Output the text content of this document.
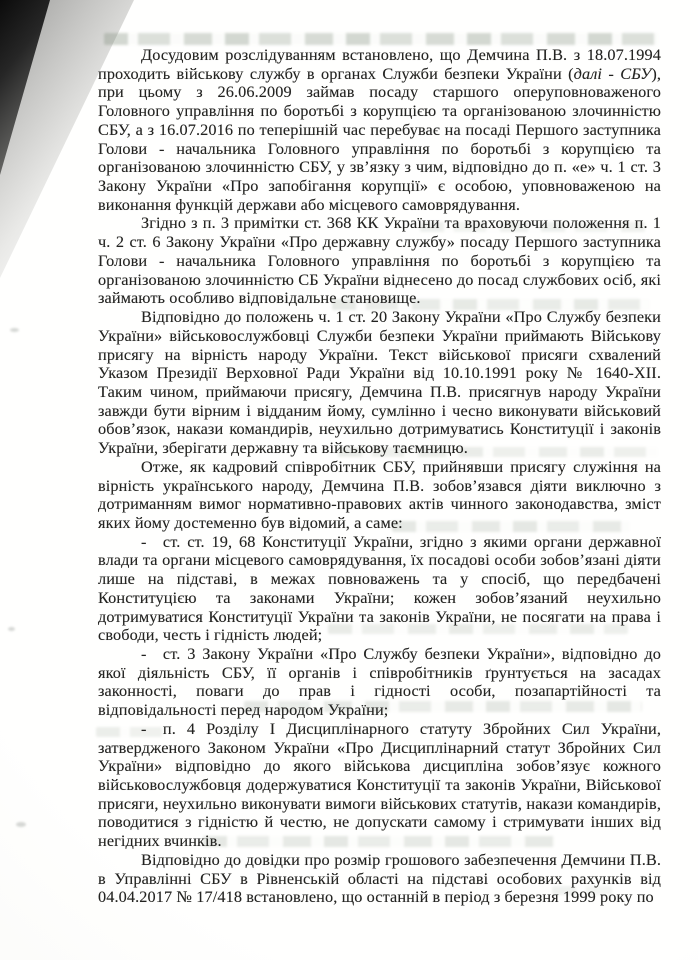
Досудовим розслідуванням встановлено, що Демчина П.В. з 18.07.1994 проходить військову службу в органах Служби безпеки України (далі - СБУ), при цьому з 26.06.2009 займав посаду старшого оперуповноваженого Головного управління по боротьбі з корупцією та організованою злочинністю СБУ, а з 16.07.2016 по теперішній час перебуває на посаді Першого заступника Голови - начальника Головного управління по боротьбі з корупцією та організованою злочинністю СБУ, у зв’язку з чим, відповідно до п. «е» ч. 1 ст. 3 Закону України «Про запобігання корупції» є особою, уповноваженою на виконання функцій держави або місцевого самоврядування.

Згідно з п. 3 примітки ст. 368 КК України та враховуючи положення п. 1 ч. 2 ст. 6 Закону України «Про державну службу» посаду Першого заступника Голови - начальника Головного управління по боротьбі з корупцією та організованою злочинністю СБ України віднесено до посад службових осіб, які займають особливо відповідальне становище.

Відповідно до положень ч. 1 ст. 20 Закону України «Про Службу безпеки України» військовослужбовці Служби безпеки України приймають Військову присягу на вірність народу України. Текст військової присяги схвалений Указом Президії Верховної Ради України від 10.10.1991 року № 1640-XII. Таким чином, приймаючи присягу, Демчина П.В. присягнув народу України завжди бути вірним і відданим йому, сумлінно і чесно виконувати військовий обов’язок, накази командирів, неухильно дотримуватись Конституції і законів України, зберігати державну та військову таємницю.

Отже, як кадровий співробітник СБУ, прийнявши присягу служіння на вірність українського народу, Демчина П.В. зобов’язався діяти виключно з дотриманням вимог нормативно-правових актів чинного законодавства, зміст яких йому достеменно був відомий, а саме:

- ст. ст. 19, 68 Конституції України, згідно з якими органи державної влади та органи місцевого самоврядування, їх посадові особи зобов’язані діяти лише на підставі, в межах повноважень та у спосіб, що передбачені Конституцією та законами України; кожен зобов’язаний неухильно дотримуватися Конституції України та законів України, не посягати на права і свободи, честь і гідність людей;

- ст. 3 Закону України «Про Службу безпеки України», відповідно до якої діяльність СБУ, її органів і співробітників ґрунтується на засадах законності, поваги до прав і гідності особи, позапартійності та відповідальності перед народом України;

- п. 4 Розділу I Дисциплінарного статуту Збройних Сил України, затвердженого Законом України «Про Дисциплінарний статут Збройних Сил України» відповідно до якого військова дисципліна зобов’язує кожного військовослужбовця додержуватися Конституції та законів України, Військової присяги, неухильно виконувати вимоги військових статутів, накази командирів, поводитися з гідністю й честю, не допускати самому і стримувати інших від негідних вчинків.

Відповідно до довідки про розмір грошового забезпечення Демчини П.В. в Управлінні СБУ в Рівненській області на підставі особових рахунків від 04.04.2017 № 17/418 встановлено, що останній в період з березня 1999 року по
